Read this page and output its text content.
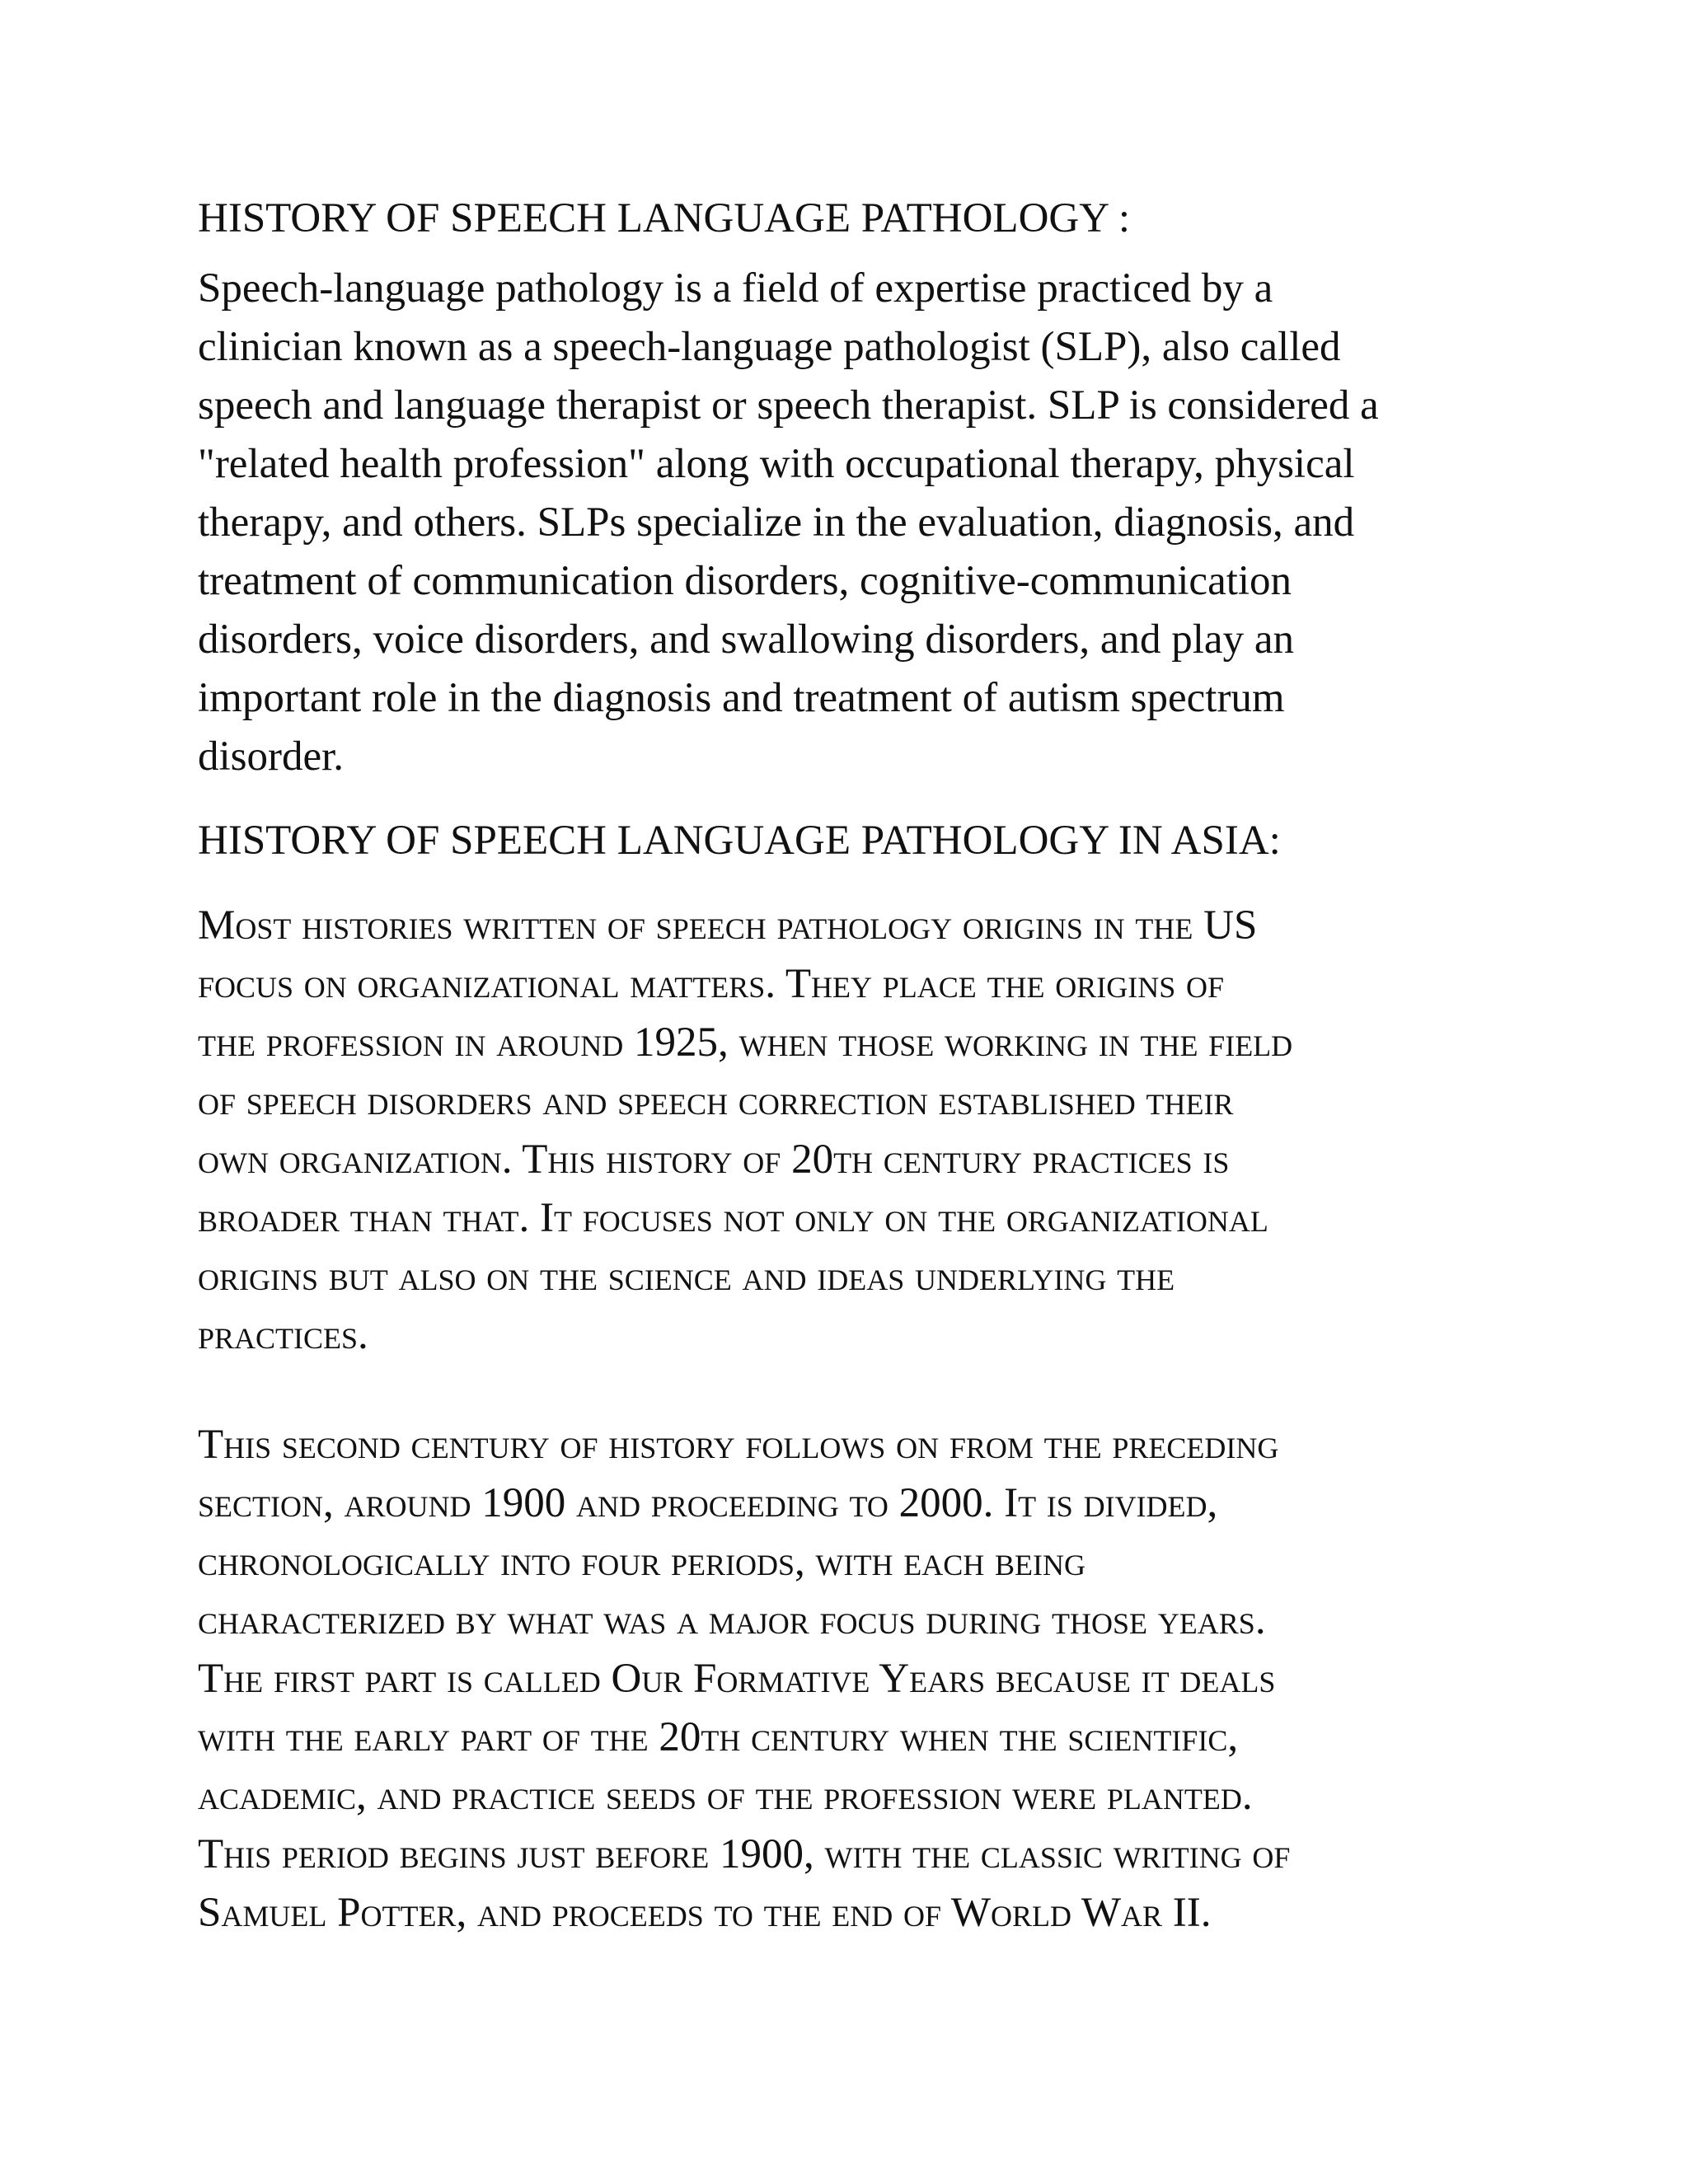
HISTORY OF SPEECH LANGUAGE PATHOLOGY :

Speech-language pathology is a field of expertise practiced by a
clinician known as a speech-language pathologist (SLP), also called
speech and language therapist or speech therapist. SLP is considered a
"related health profession" along with occupational therapy, physical
therapy, and others. SLPs specialize in the evaluation, diagnosis, and
treatment of communication disorders, cognitive-communication
disorders, voice disorders, and swallowing disorders, and play an
important role in the diagnosis and treatment of autism spectrum
disorder.

HISTORY OF SPEECH LANGUAGE PATHOLOGY IN ASIA:

Most histories written of speech pathology origins in the US
focus on organizational matters. They place the origins of
the profession in around 1925, when those working in the field
of speech disorders and speech correction established their
own organization. This history of 20th century practices is
broader than that. It focuses not only on the organizational
origins but also on the science and ideas underlying the
practices.

This second century of history follows on from the preceding
section, around 1900 and proceeding to 2000. It is divided,
chronologically into four periods, with each being
characterized by what was a major focus during those years.
The first part is called Our Formative Years because it deals
with the early part of the 20th century when the scientific,
academic, and practice seeds of the profession were planted.
This period begins just before 1900, with the classic writing of
Samuel Potter, and proceeds to the end of World War II.
